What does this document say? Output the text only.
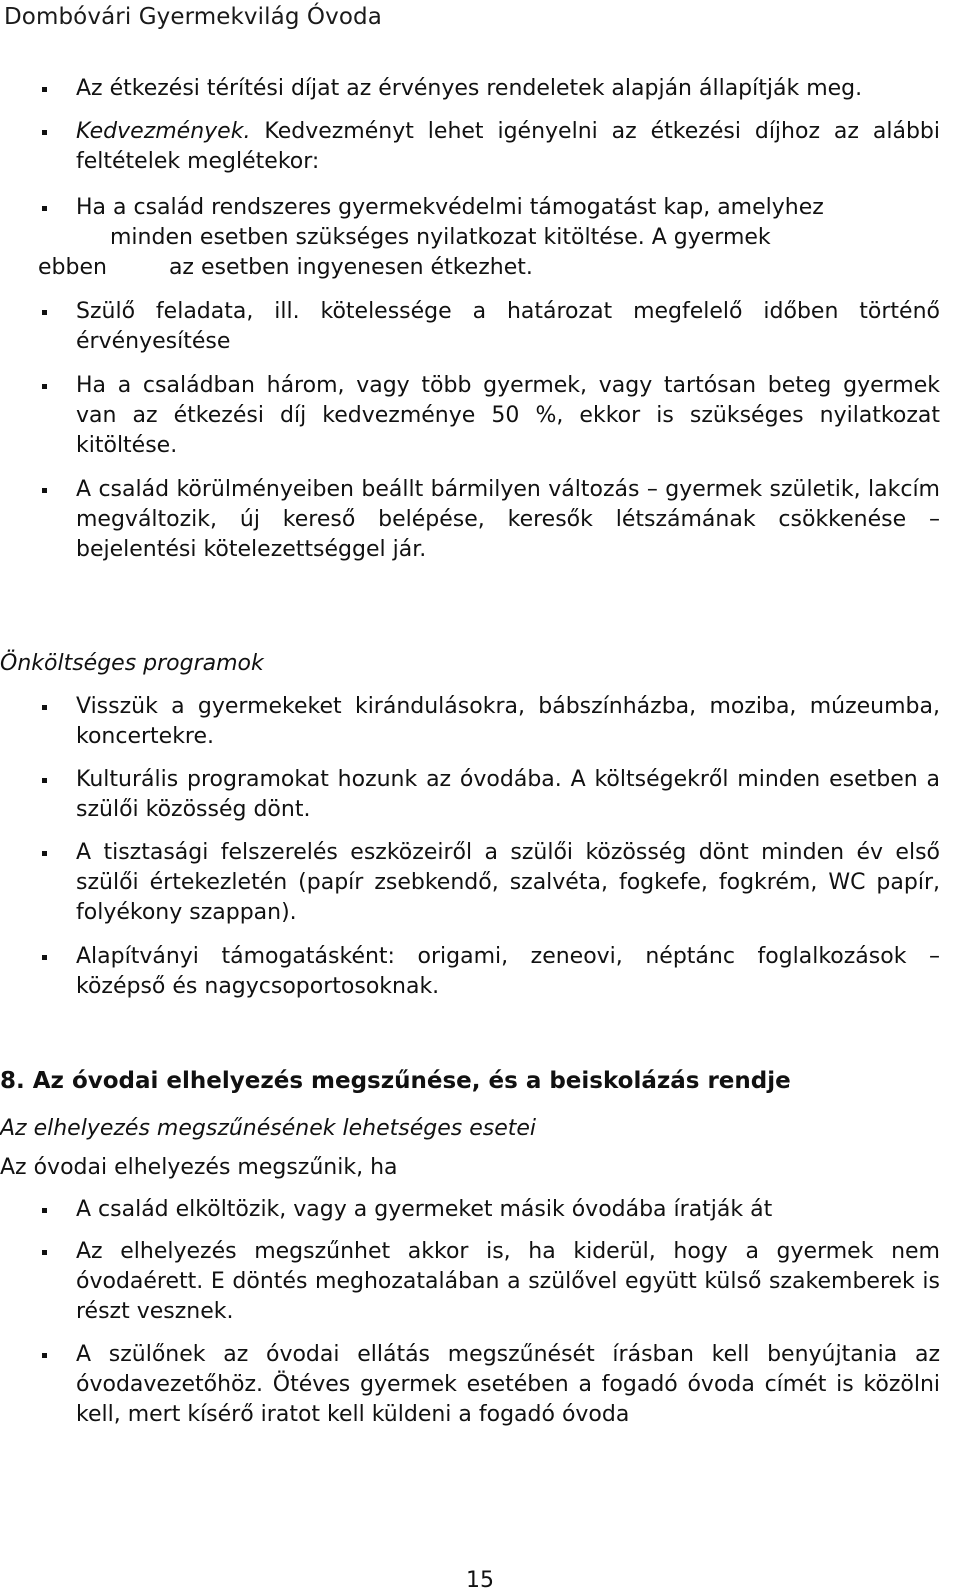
Dombóvári Gyermekvilág Óvoda
Az étkezési térítési díjat az érvényes rendeletek alapján állapítják meg.
Kedvezmények. Kedvezményt lehet igényelni az étkezési díjhoz az alábbi feltételek meglétekor:
Ha a család rendszeres gyermekvédelmi támogatást kap, amelyhez
minden esetben szükséges nyilatkozat kitöltése. A gyermek
ebben	az esetben ingyenesen étkezhet.
Szülő feladata, ill. kötelessége a határozat megfelelő időben történő érvényesítése
Ha a családban három, vagy több gyermek, vagy tartósan beteg gyermek van az étkezési díj kedvezménye 50 %, ekkor is szükséges nyilatkozat kitöltése.
A család körülményeiben beállt bármilyen változás – gyermek születik, lakcím megváltozik, új kereső belépése, keresők létszámának csökkenése – bejelentési kötelezettséggel jár.

Önköltséges programok

Visszük a gyermekeket kirándulásokra, bábszínházba, moziba, múzeumba, koncertekre.
Kulturális programokat hozunk az óvodába. A költségekről minden esetben a szülői közösség dönt.
A tisztasági felszerelés eszközeiről a szülői közösség dönt minden év első szülői értekezletén (papír zsebkendő, szalvéta, fogkefe, fogkrém, WC papír, folyékony szappan).
Alapítványi támogatásként: origami, zeneovi, néptánc foglalkozások – középső és nagycsoportosoknak.
8. Az óvodai elhelyezés megszűnése, és a beiskolázás rendje

Az elhelyezés megszűnésének lehetséges esetei

Az óvodai elhelyezés megszűnik, ha

A család elköltözik, vagy a gyermeket másik óvodába íratják át
Az elhelyezés megszűnhet akkor is, ha kiderül, hogy a gyermek nem óvodaérett. E döntés meghozatalában a szülővel együtt külső szakemberek is részt vesznek.
A szülőnek az óvodai ellátás megszűnését írásban kell benyújtania az óvodavezetőhöz. Ötéves gyermek esetében a fogadó óvoda címét is közölni kell, mert kísérő iratot kell küldeni a fogadó óvoda
15
